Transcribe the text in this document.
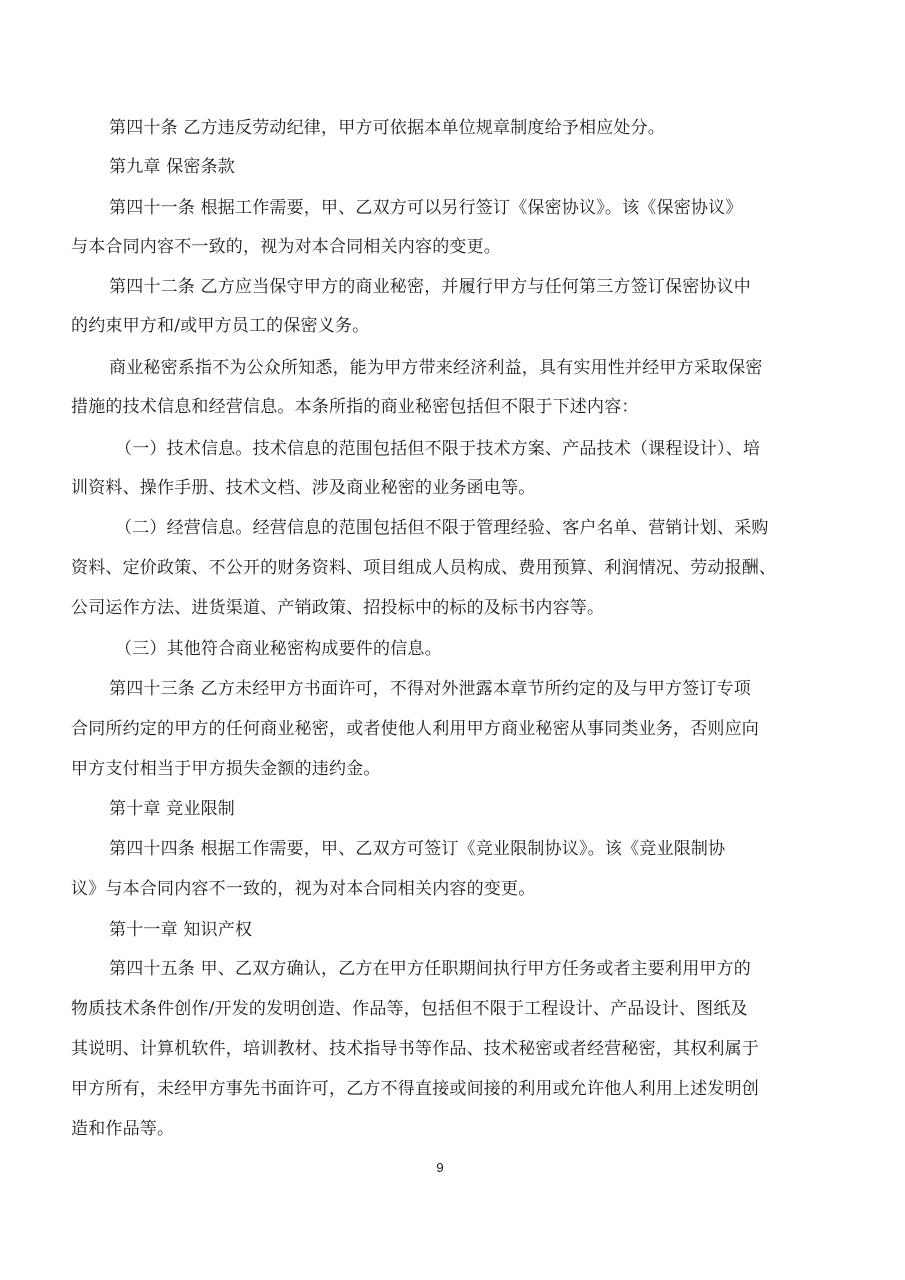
第四十条 乙方违反劳动纪律，甲方可依据本单位规章制度给予相应处分。
第九章 保密条款
第四十一条 根据工作需要，甲、乙双方可以另行签订《保密协议》。该《保密协议》
与本合同内容不一致的，视为对本合同相关内容的变更。
第四十二条 乙方应当保守甲方的商业秘密，并履行甲方与任何第三方签订保密协议中
的约束甲方和/或甲方员工的保密义务。
商业秘密系指不为公众所知悉，能为甲方带来经济利益，具有实用性并经甲方采取保密
措施的技术信息和经营信息。本条所指的商业秘密包括但不限于下述内容：
（一）技术信息。技术信息的范围包括但不限于技术方案、产品技术（课程设计）、培
训资料、操作手册、技术文档、涉及商业秘密的业务函电等。
（二）经营信息。经营信息的范围包括但不限于管理经验、客户名单、营销计划、采购
资料、定价政策、不公开的财务资料、项目组成人员构成、费用预算、利润情况、劳动报酬、
公司运作方法、进货渠道、产销政策、招投标中的标的及标书内容等。
（三）其他符合商业秘密构成要件的信息。
第四十三条 乙方未经甲方书面许可，不得对外泄露本章节所约定的及与甲方签订专项
合同所约定的甲方的任何商业秘密，或者使他人利用甲方商业秘密从事同类业务，否则应向
甲方支付相当于甲方损失金额的违约金。
第十章 竞业限制
第四十四条 根据工作需要，甲、乙双方可签订《竞业限制协议》。该《竞业限制协
议》与本合同内容不一致的，视为对本合同相关内容的变更。
第十一章 知识产权
第四十五条 甲、乙双方确认，乙方在甲方任职期间执行甲方任务或者主要利用甲方的
物质技术条件创作/开发的发明创造、作品等，包括但不限于工程设计、产品设计、图纸及
其说明、计算机软件，培训教材、技术指导书等作品、技术秘密或者经营秘密，其权利属于
甲方所有，未经甲方事先书面许可，乙方不得直接或间接的利用或允许他人利用上述发明创
造和作品等。
9
